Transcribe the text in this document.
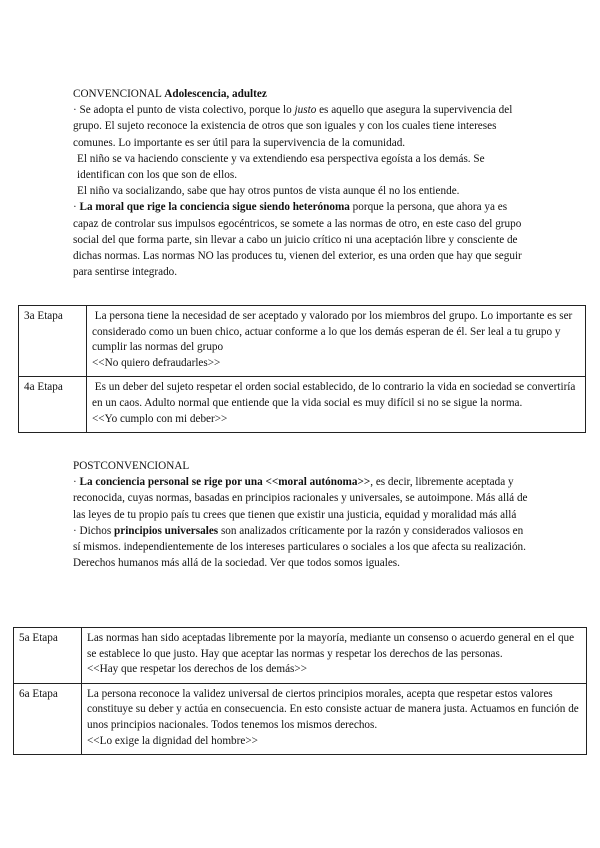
CONVENCIONAL Adolescencia, adultez

· Se adopta el punto de vista colectivo, porque lo justo es aquello que asegura la supervivencia del grupo. El sujeto reconoce la existencia de otros que son iguales y con los cuales tiene intereses comunes. Lo importante es ser útil para la supervivencia de la comunidad.

El niño se va haciendo consciente y va extendiendo esa perspectiva egoísta a los demás. Se identifican con los que son de ellos.

El niño va socializando, sabe que hay otros puntos de vista aunque él no los entiende.

· La moral que rige la conciencia sigue siendo heterónoma porque la persona, que ahora ya es capaz de controlar sus impulsos egocéntricos, se somete a las normas de otro, en este caso del grupo social del que forma parte, sin llevar a cabo un juicio crítico ni una aceptación libre y consciente de dichas normas. Las normas NO las produces tu, vienen del exterior, es una orden que hay que seguir para sentirse integrado.

3a Etapa	La persona tiene la necesidad de ser aceptado y valorado por los miembros del grupo. Lo importante es ser considerado como un buen chico, actuar conforme a lo que los demás esperan de él. Ser leal a tu grupo y cumplir las normas del grupo
<<No quiero defraudarles>>

4a Etapa	Es un deber del sujeto respetar el orden social establecido, de lo contrario la vida en sociedad se convertiría en un caos. Adulto normal que entiende que la vida social es muy difícil si no se sigue la norma.
<<Yo cumplo con mi deber>>

POSTCONVENCIONAL

· La conciencia personal se rige por una <<moral autónoma>>, es decir, libremente aceptada y reconocida, cuyas normas, basadas en principios racionales y universales, se autoimpone. Más allá de las leyes de tu propio país tu crees que tienen que existir una justicia, equidad y moralidad más allá

· Dichos principios universales son analizados críticamente por la razón y considerados valiosos en sí mismos. independientemente de los intereses particulares o sociales a los que afecta su realización. Derechos humanos más allá de la sociedad. Ver que todos somos iguales.

5a Etapa	Las normas han sido aceptadas libremente por la mayoría, mediante un consenso o acuerdo general en el que se establece lo que justo. Hay que aceptar las normas y respetar los derechos de las personas.
<<Hay que respetar los derechos de los demás>>

6a Etapa	La persona reconoce la validez universal de ciertos principios morales, acepta que respetar estos valores constituye su deber y actúa en consecuencia. En esto consiste actuar de manera justa. Actuamos en función de unos principios nacionales. Todos tenemos los mismos derechos.
<<Lo exige la dignidad del hombre>>
